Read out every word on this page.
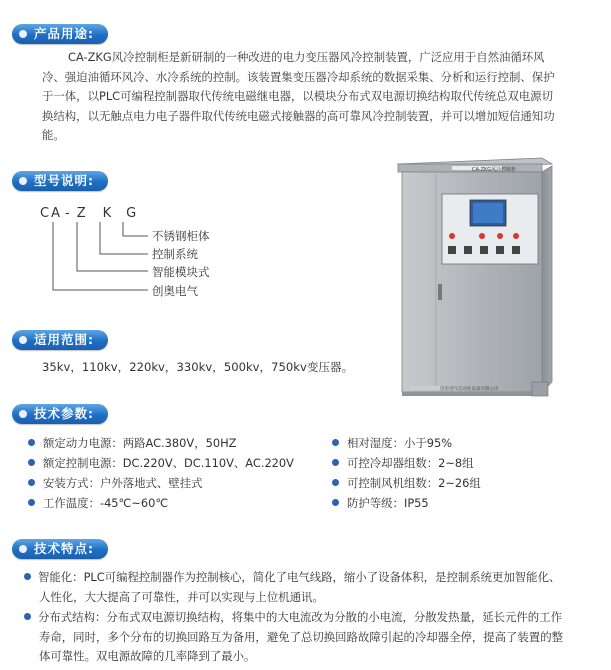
产品用途:
CA-ZKG风冷控制柜是新研制的一种改进的电力变压器风冷控制装置，广泛应用于自然油循环风
冷、强迫油循环风冷、水冷系统的控制。该装置集变压器冷却系统的数据采集、分析和运行控制、保护
于一体，以PLC可编程控制器取代传统电磁继电器，以模块分布式双电源切换结构取代传统总双电源切
换结构，以无触点电力电子器件取代传统电磁式接触器的高可靠风冷控制装置，并可以增加短信通知功
能。
型号说明:
CA - Z K G
不锈钢柜体
控制系统
智能模块式
创奥电气
CA-ZKG风冷控制柜
创奥电气自动化设备有限公司
适用范围:
35kv，110kv，220kv，330kv，500kv，750kv变压器。
技术参数:
额定动力电源：两路AC.380V，50HZ
额定控制电源：DC.220V、DC.110V、AC.220V
安装方式：户外落地式、壁挂式
工作温度：-45℃~60℃
相对湿度：小于95%
可控冷却器组数：2~8组
可控制风机组数：2~26组
防护等级：IP55
技术特点:
智能化：PLC可编程控制器作为控制核心，简化了电气线路，缩小了设备体积，是控制系统更加智能化、
人性化，大大提高了可靠性，并可以实现与上位机通讯。
分布式结构：分布式双电源切换结构，将集中的大电流改为分散的小电流，分散发热量，延长元件的工作
寿命，同时，多个分布的切换回路互为备用，避免了总切换回路故障引起的冷却器全停，提高了装置的整
体可靠性。双电源故障的几率降到了最小。
